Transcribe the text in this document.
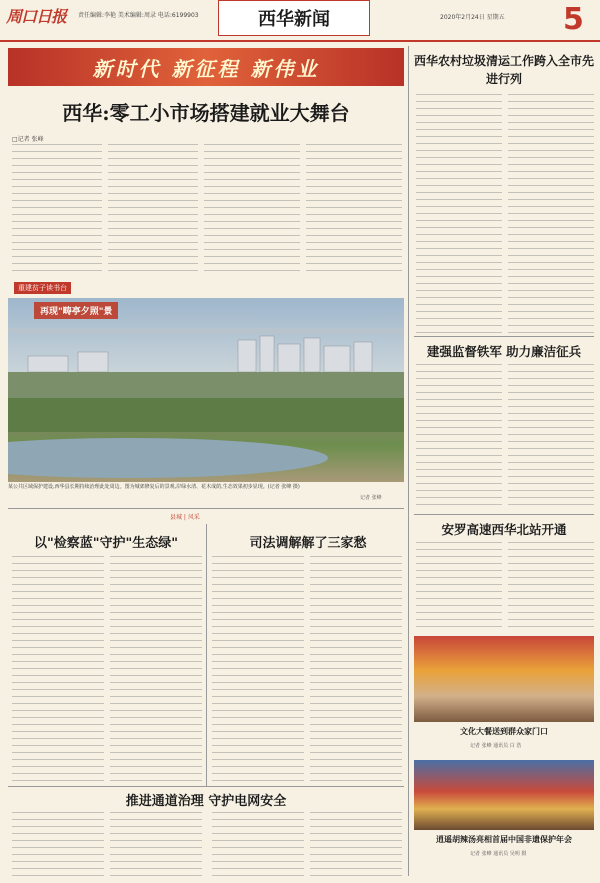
周口日报 责任编辑:李艳 美术编辑:周录 电话:6199903	西华新闻	2020年2月24日 星期五 5
新时代 新征程 新伟业
西华:零工小市场搭建就业大舞台
□记者 张峰
重建贫子读书台
再现"畴亭夕照"景
某公共区域保护建设,西华县长期持续治理此处周边。图为城郊修复后的景观,岸绿水清、花木成荫,生态效果初步显现。(记者 张峰 摄)
西华农村垃圾清运工作跨入全市先进行列
建强监督铁军 助力廉洁征兵
安罗高速西华北站开通
文化大餐送到群众家门口
记者 张峰 通讯员 白 浩
逍遥胡辣汤亮相首届中国非遗保护年会
记者 张峰 通讯员 吴明 摄
县城 | 风采
以"检察蓝"守护"生态绿"	司法调解解了三家愁
推进通道治理 守护电网安全
记者 张峰
